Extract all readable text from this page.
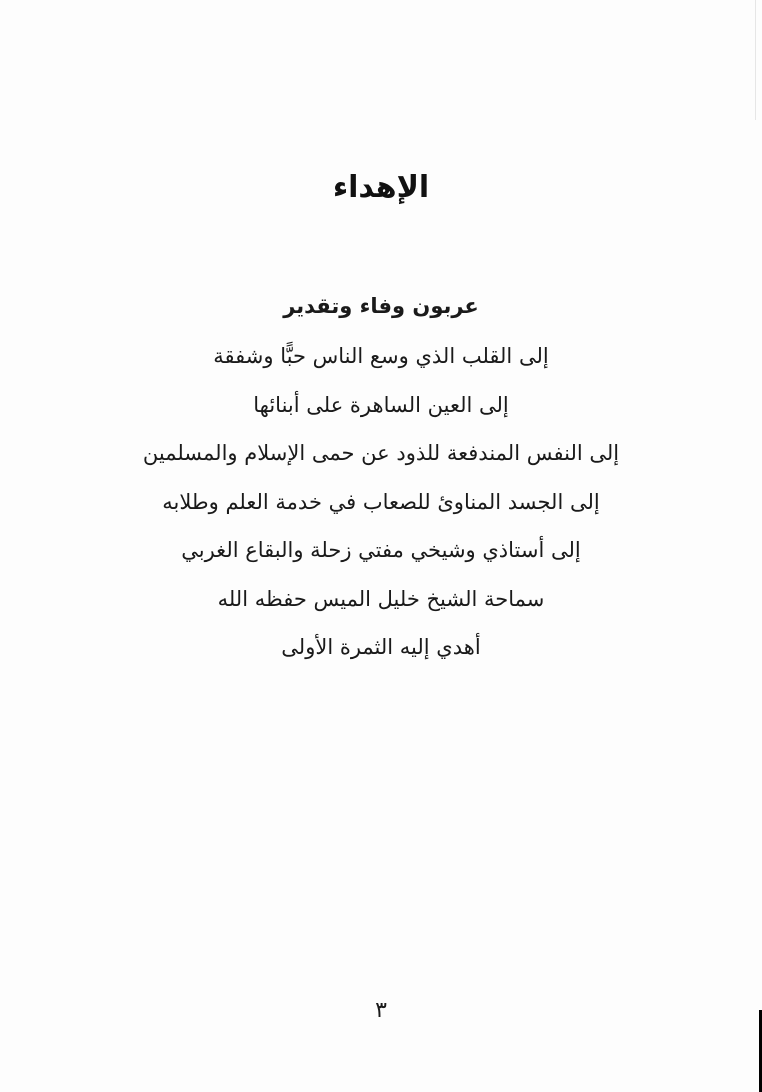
الإهداء
عربون وفاء وتقدير
إلى القلب الذي وسع الناس حبًّا وشفقة
إلى العين الساهرة على أبنائها
إلى النفس المندفعة للذود عن حمى الإسلام والمسلمين
إلى الجسد المناوئ للصعاب في خدمة العلم وطلابه
إلى أستاذي وشيخي مفتي زحلة والبقاع الغربي
سماحة الشيخ خليل الميس حفظه الله
أهدي إليه الثمرة الأولى
٣
